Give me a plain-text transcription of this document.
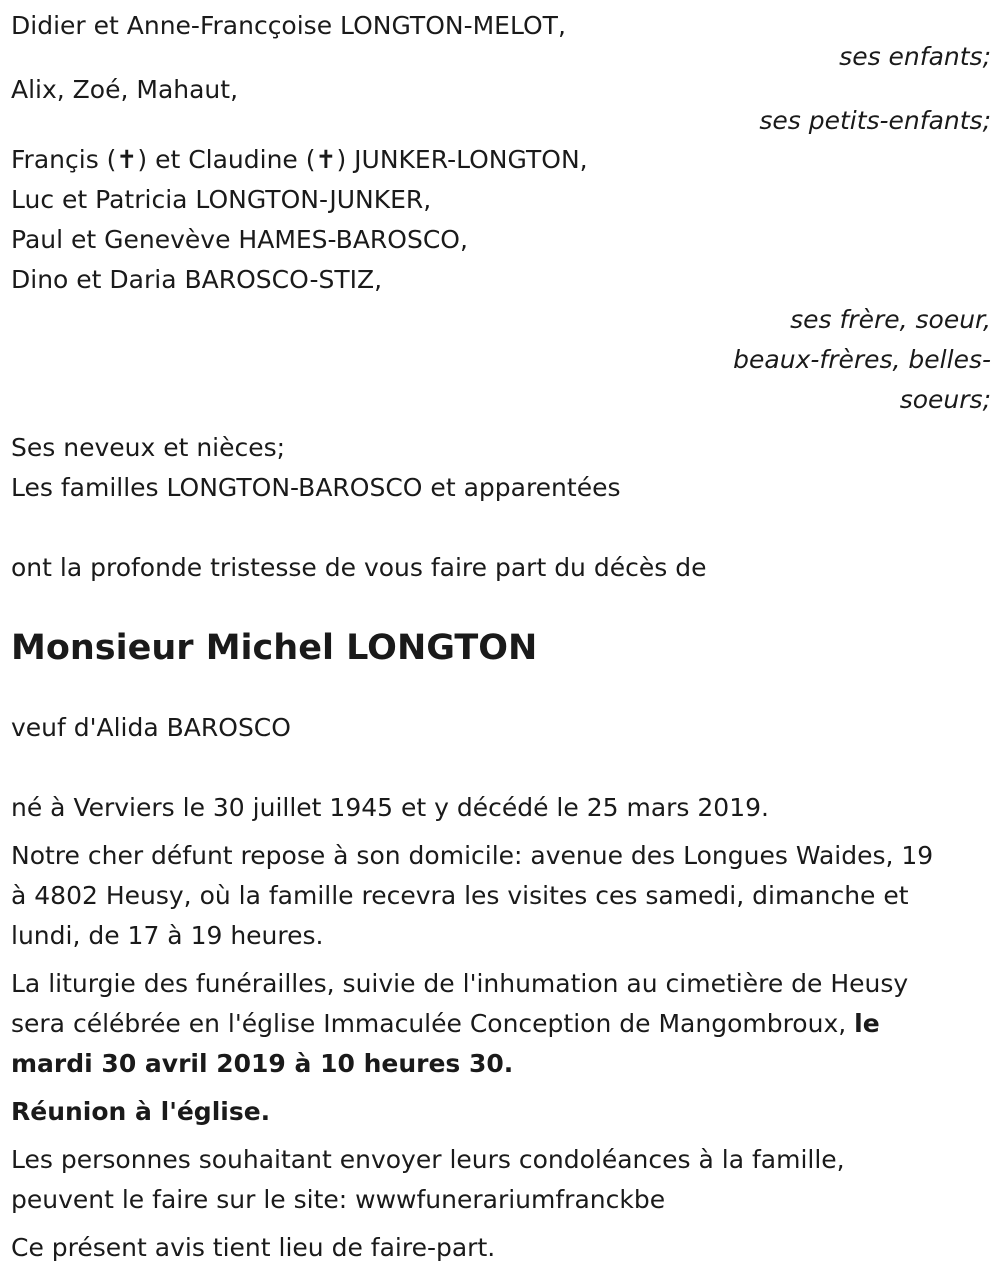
Didier et Anne-Francçoise LONGTON-MELOT,
ses enfants;
Alix, Zoé, Mahaut,
ses petits-enfants;
Françis (✝) et Claudine (✝) JUNKER-LONGTON,
Luc et Patricia LONGTON-JUNKER,
Paul et Genevève HAMES-BAROSCO,
Dino et Daria BAROSCO-STIZ,
ses frère, soeur,
beaux-frères, belles-
soeurs;
Ses neveux et nièces;
Les familles LONGTON-BAROSCO et apparentées
ont la profonde tristesse de vous faire part du décès de
Monsieur Michel LONGTON
veuf d'Alida BAROSCO
né à Verviers le 30 juillet 1945 et y décédé le 25 mars 2019.
Notre cher défunt repose à son domicile: avenue des Longues Waides, 19
à 4802 Heusy, où la famille recevra les visites ces samedi, dimanche et
lundi, de 17 à 19 heures.
La liturgie des funérailles, suivie de l'inhumation au cimetière de Heusy
sera célébrée en l'église Immaculée Conception de Mangombroux, le
mardi 30 avril 2019 à 10 heures 30.
Réunion à l'église.
Les personnes souhaitant envoyer leurs condoléances à la famille,
peuvent le faire sur le site: wwwfunerariumfranckbe
Ce présent avis tient lieu de faire-part.
